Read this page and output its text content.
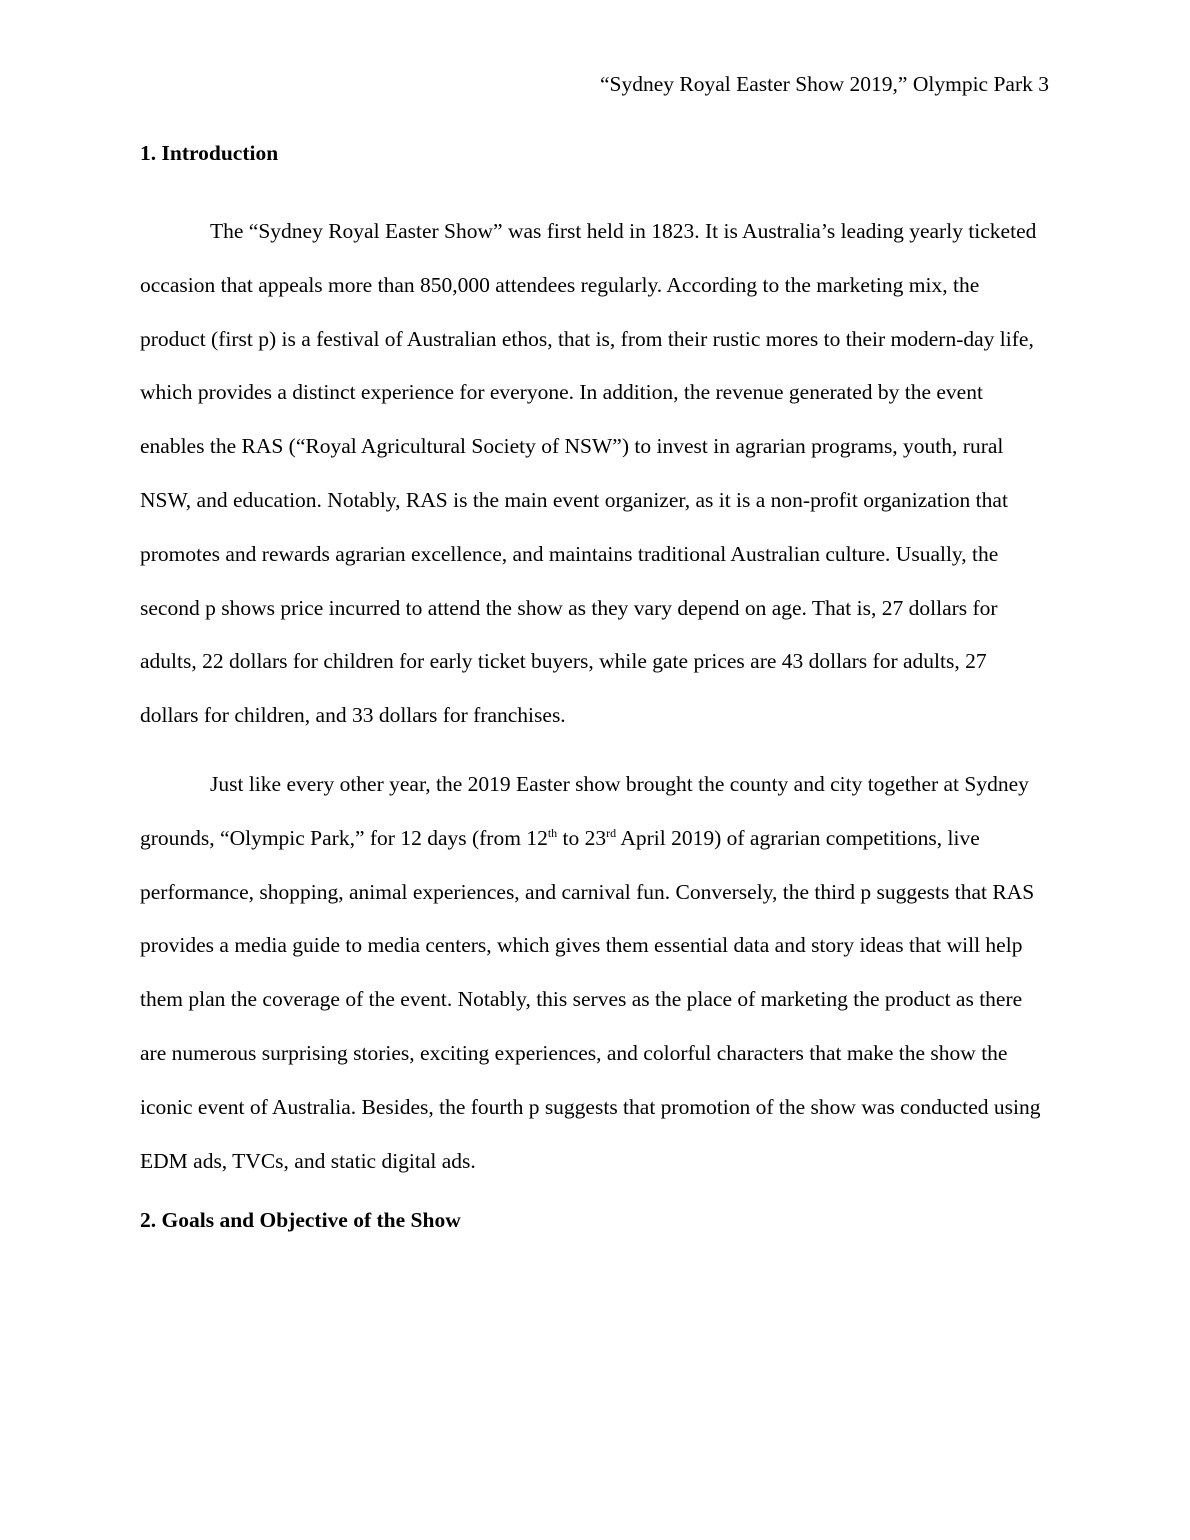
“Sydney Royal Easter Show 2019,” Olympic Park 3
1. Introduction

The “Sydney Royal Easter Show” was first held in 1823. It is Australia’s leading yearly ticketed occasion that appeals more than 850,000 attendees regularly. According to the marketing mix, the product (first p) is a festival of Australian ethos, that is, from their rustic mores to their modern-day life, which provides a distinct experience for everyone. In addition, the revenue generated by the event enables the RAS (“Royal Agricultural Society of NSW”) to invest in agrarian programs, youth, rural NSW, and education. Notably, RAS is the main event organizer, as it is a non-profit organization that promotes and rewards agrarian excellence, and maintains traditional Australian culture. Usually, the second p shows price incurred to attend the show as they vary depend on age. That is, 27 dollars for adults, 22 dollars for children for early ticket buyers, while gate prices are 43 dollars for adults, 27 dollars for children, and 33 dollars for franchises.

Just like every other year, the 2019 Easter show brought the county and city together at Sydney grounds, “Olympic Park,” for 12 days (from 12th to 23rd April 2019) of agrarian competitions, live performance, shopping, animal experiences, and carnival fun. Conversely, the third p suggests that RAS provides a media guide to media centers, which gives them essential data and story ideas that will help them plan the coverage of the event. Notably, this serves as the place of marketing the product as there are numerous surprising stories, exciting experiences, and colorful characters that make the show the iconic event of Australia. Besides, the fourth p suggests that promotion of the show was conducted using EDM ads, TVCs, and static digital ads.

2. Goals and Objective of the Show
